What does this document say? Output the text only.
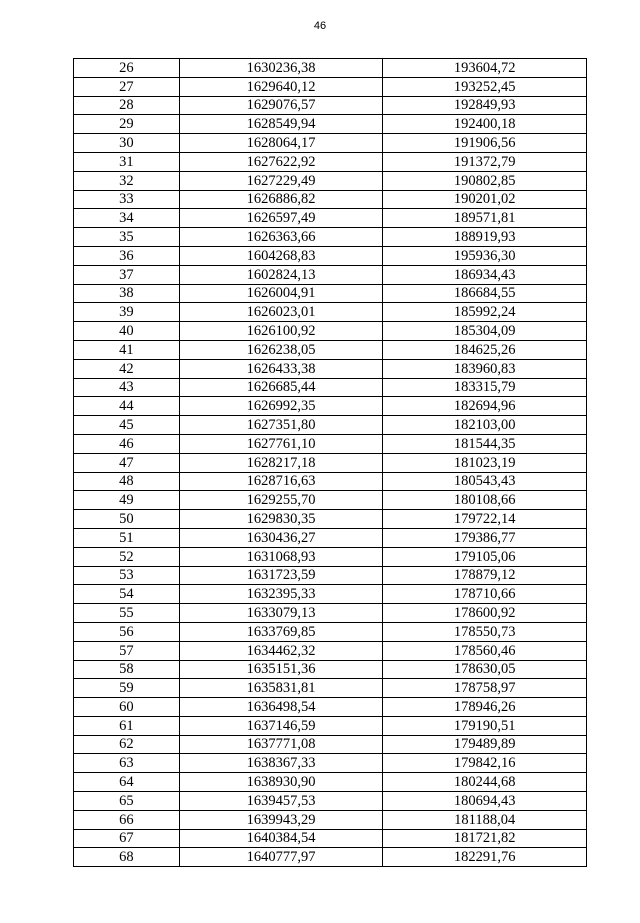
46
26	1630236,38	193604,72
27	1629640,12	193252,45
28	1629076,57	192849,93
29	1628549,94	192400,18
30	1628064,17	191906,56
31	1627622,92	191372,79
32	1627229,49	190802,85
33	1626886,82	190201,02
34	1626597,49	189571,81
35	1626363,66	188919,93
36	1604268,83	195936,30
37	1602824,13	186934,43
38	1626004,91	186684,55
39	1626023,01	185992,24
40	1626100,92	185304,09
41	1626238,05	184625,26
42	1626433,38	183960,83
43	1626685,44	183315,79
44	1626992,35	182694,96
45	1627351,80	182103,00
46	1627761,10	181544,35
47	1628217,18	181023,19
48	1628716,63	180543,43
49	1629255,70	180108,66
50	1629830,35	179722,14
51	1630436,27	179386,77
52	1631068,93	179105,06
53	1631723,59	178879,12
54	1632395,33	178710,66
55	1633079,13	178600,92
56	1633769,85	178550,73
57	1634462,32	178560,46
58	1635151,36	178630,05
59	1635831,81	178758,97
60	1636498,54	178946,26
61	1637146,59	179190,51
62	1637771,08	179489,89
63	1638367,33	179842,16
64	1638930,90	180244,68
65	1639457,53	180694,43
66	1639943,29	181188,04
67	1640384,54	181721,82
68	1640777,97	182291,76
